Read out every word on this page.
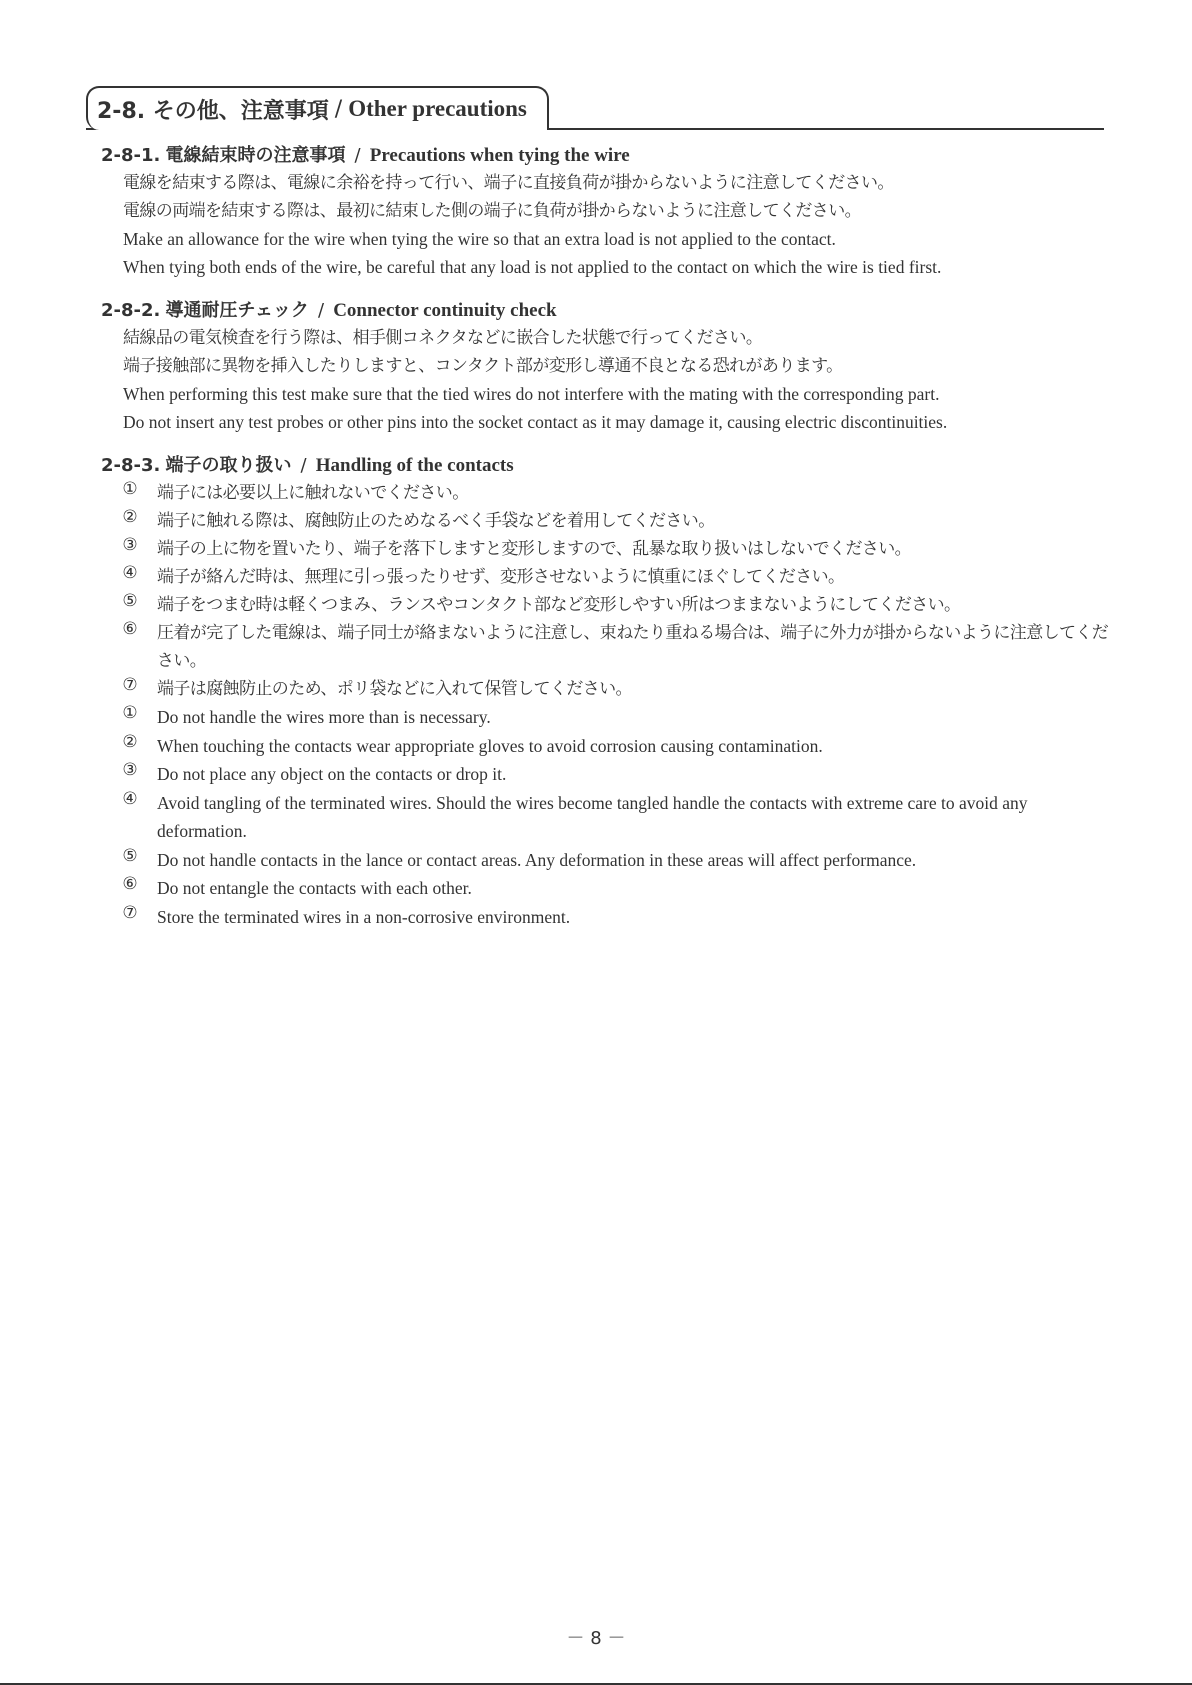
2-8. その他、注意事項 / Other precautions
2-8-1. 電線結束時の注意事項 / Precautions when tying the wire
電線を結束する際は、電線に余裕を持って行い、端子に直接負荷が掛からないように注意してください。
電線の両端を結束する際は、最初に結束した側の端子に負荷が掛からないように注意してください。
Make an allowance for the wire when tying the wire so that an extra load is not applied to the contact.
When tying both ends of the wire, be careful that any load is not applied to the contact on which the wire is tied first.
2-8-2. 導通耐圧チェック / Connector continuity check
結線品の電気検査を行う際は、相手側コネクタなどに嵌合した状態で行ってください。
端子接触部に異物を挿入したりしますと、コンタクト部が変形し導通不良となる恐れがあります。
When performing this test make sure that the tied wires do not interfere with the mating with the corresponding part.
Do not insert any test probes or other pins into the socket contact as it may damage it, causing electric discontinuities.
2-8-3. 端子の取り扱い / Handling of the contacts
① 端子には必要以上に触れないでください。
② 端子に触れる際は、腐蝕防止のためなるべく手袋などを着用してください。
③ 端子の上に物を置いたり、端子を落下しますと変形しますので、乱暴な取り扱いはしないでください。
④ 端子が絡んだ時は、無理に引っ張ったりせず、変形させないように慎重にほぐしてください。
⑤ 端子をつまむ時は軽くつまみ、ランスやコンタクト部など変形しやすい所はつままないようにしてください。
⑥ 圧着が完了した電線は、端子同士が絡まないように注意し、束ねたり重ねる場合は、端子に外力が掛からないように注意してください。
⑦ 端子は腐蝕防止のため、ポリ袋などに入れて保管してください。
① Do not handle the wires more than is necessary.
② When touching the contacts wear appropriate gloves to avoid corrosion causing contamination.
③ Do not place any object on the contacts or drop it.
④ Avoid tangling of the terminated wires. Should the wires become tangled handle the contacts with extreme care to avoid any deformation.
⑤ Do not handle contacts in the lance or contact areas. Any deformation in these areas will affect performance.
⑥ Do not entangle the contacts with each other.
⑦ Store the terminated wires in a non-corrosive environment.
－ 8 －
